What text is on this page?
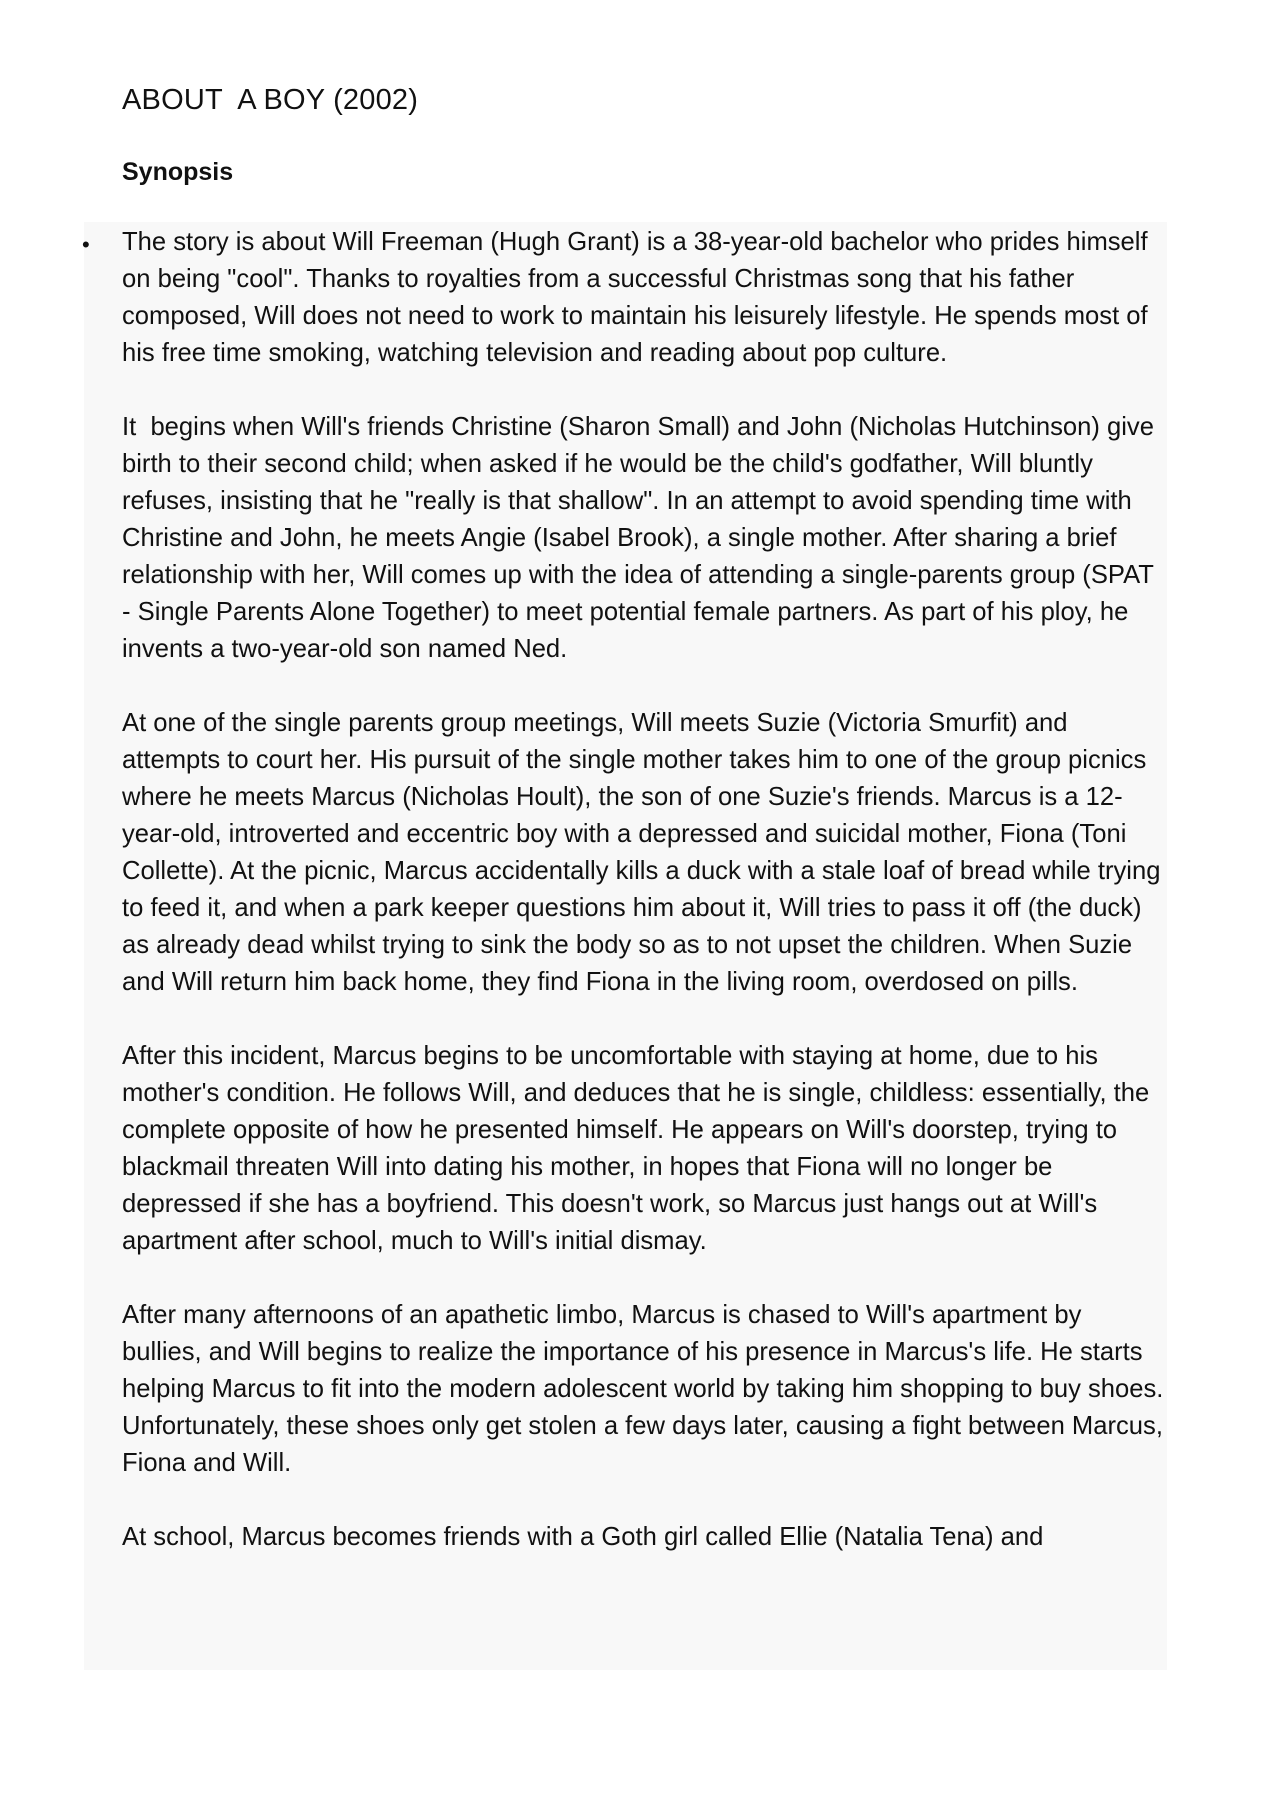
ABOUT  A BOY (2002)
Synopsis
• The story is about Will Freeman (Hugh Grant) is a 38-year-old bachelor who prides himself on being "cool". Thanks to royalties from a successful Christmas song that his father composed, Will does not need to work to maintain his leisurely lifestyle. He spends most of his free time smoking, watching television and reading about pop culture.

It  begins when Will's friends Christine (Sharon Small) and John (Nicholas Hutchinson) give birth to their second child; when asked if he would be the child's godfather, Will bluntly refuses, insisting that he "really is that shallow". In an attempt to avoid spending time with Christine and John, he meets Angie (Isabel Brook), a single mother. After sharing a brief relationship with her, Will comes up with the idea of attending a single-parents group (SPAT - Single Parents Alone Together) to meet potential female partners. As part of his ploy, he invents a two-year-old son named Ned.

At one of the single parents group meetings, Will meets Suzie (Victoria Smurfit) and attempts to court her. His pursuit of the single mother takes him to one of the group picnics where he meets Marcus (Nicholas Hoult), the son of one Suzie's friends. Marcus is a 12-year-old, introverted and eccentric boy with a depressed and suicidal mother, Fiona (Toni Collette). At the picnic, Marcus accidentally kills a duck with a stale loaf of bread while trying to feed it, and when a park keeper questions him about it, Will tries to pass it off (the duck) as already dead whilst trying to sink the body so as to not upset the children. When Suzie and Will return him back home, they find Fiona in the living room, overdosed on pills.

After this incident, Marcus begins to be uncomfortable with staying at home, due to his mother's condition. He follows Will, and deduces that he is single, childless: essentially, the complete opposite of how he presented himself. He appears on Will's doorstep, trying to blackmail threaten Will into dating his mother, in hopes that Fiona will no longer be depressed if she has a boyfriend. This doesn't work, so Marcus just hangs out at Will's apartment after school, much to Will's initial dismay.

After many afternoons of an apathetic limbo, Marcus is chased to Will's apartment by bullies, and Will begins to realize the importance of his presence in Marcus's life. He starts helping Marcus to fit into the modern adolescent world by taking him shopping to buy shoes. Unfortunately, these shoes only get stolen a few days later, causing a fight between Marcus, Fiona and Will.

At school, Marcus becomes friends with a Goth girl called Ellie (Natalia Tena) and
